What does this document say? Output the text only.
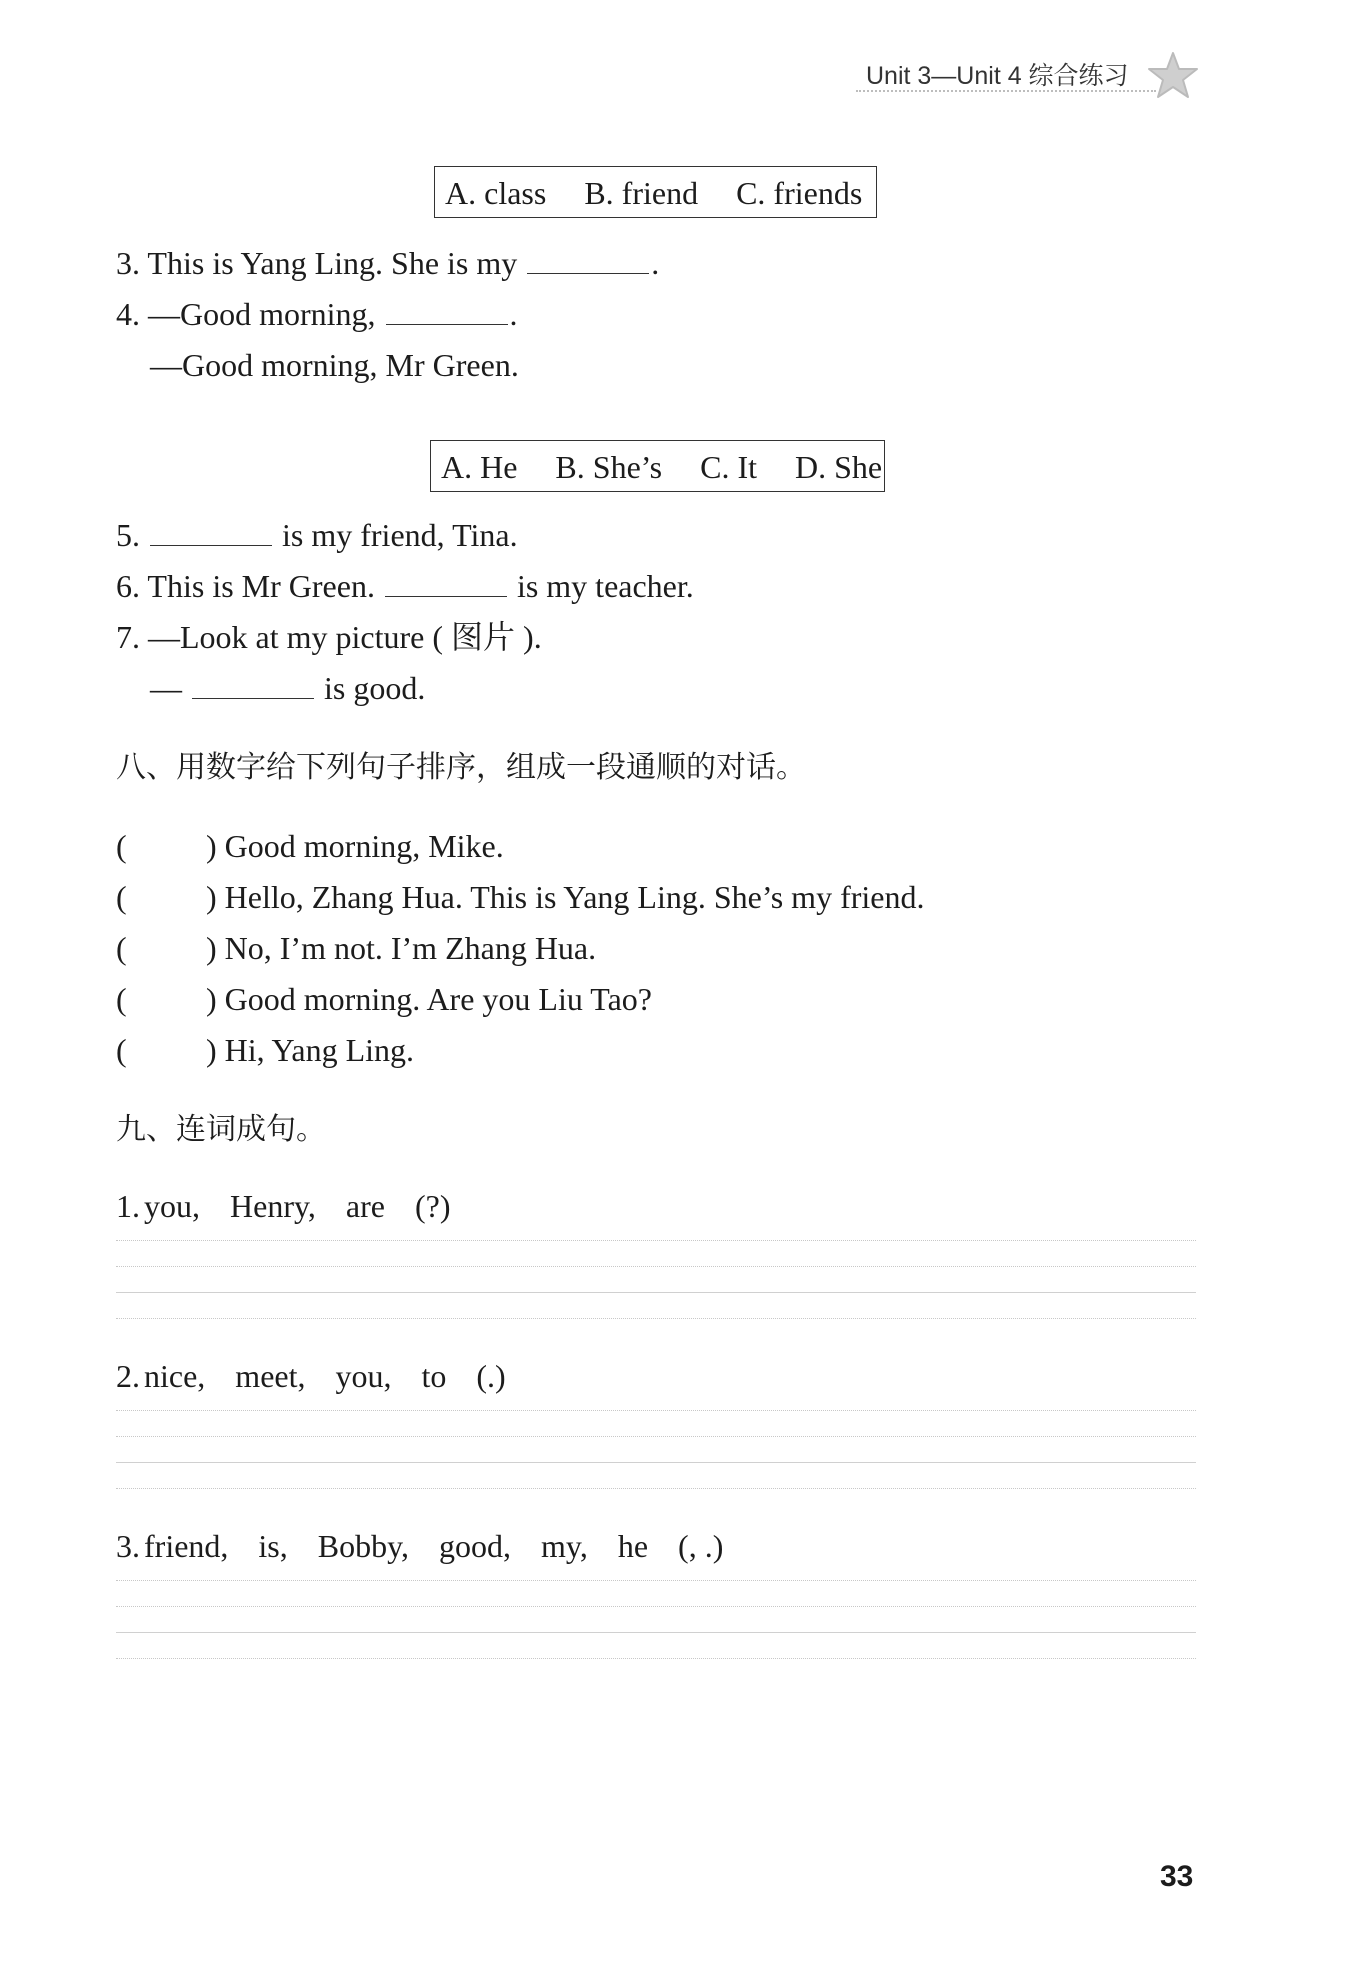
Unit 3—Unit 4 综合练习
A. class B. friend C. friends
3. This is Yang Ling. She is my	.
4. —Good morning,	.
—Good morning, Mr Green.
A. He B. She’s C. It D. She
5.	is my friend, Tina.
6. This is Mr Green.	is my teacher.
7. —Look at my picture ( 图片 ).
—	is good.
八、用数字给下列句子排序，组成一段通顺的对话。
( ) Good morning, Mike.
( ) Hello, Zhang Hua. This is Yang Ling. She’s my friend.
( ) No, I’m not. I’m Zhang Hua.
( ) Good morning. Are you Liu Tao?
( ) Hi, Yang Ling.
九、连词成句。
1. you, Henry, are (?)
2. nice, meet, you, to (.)
3. friend, is, Bobby, good, my, he (, .)
33
